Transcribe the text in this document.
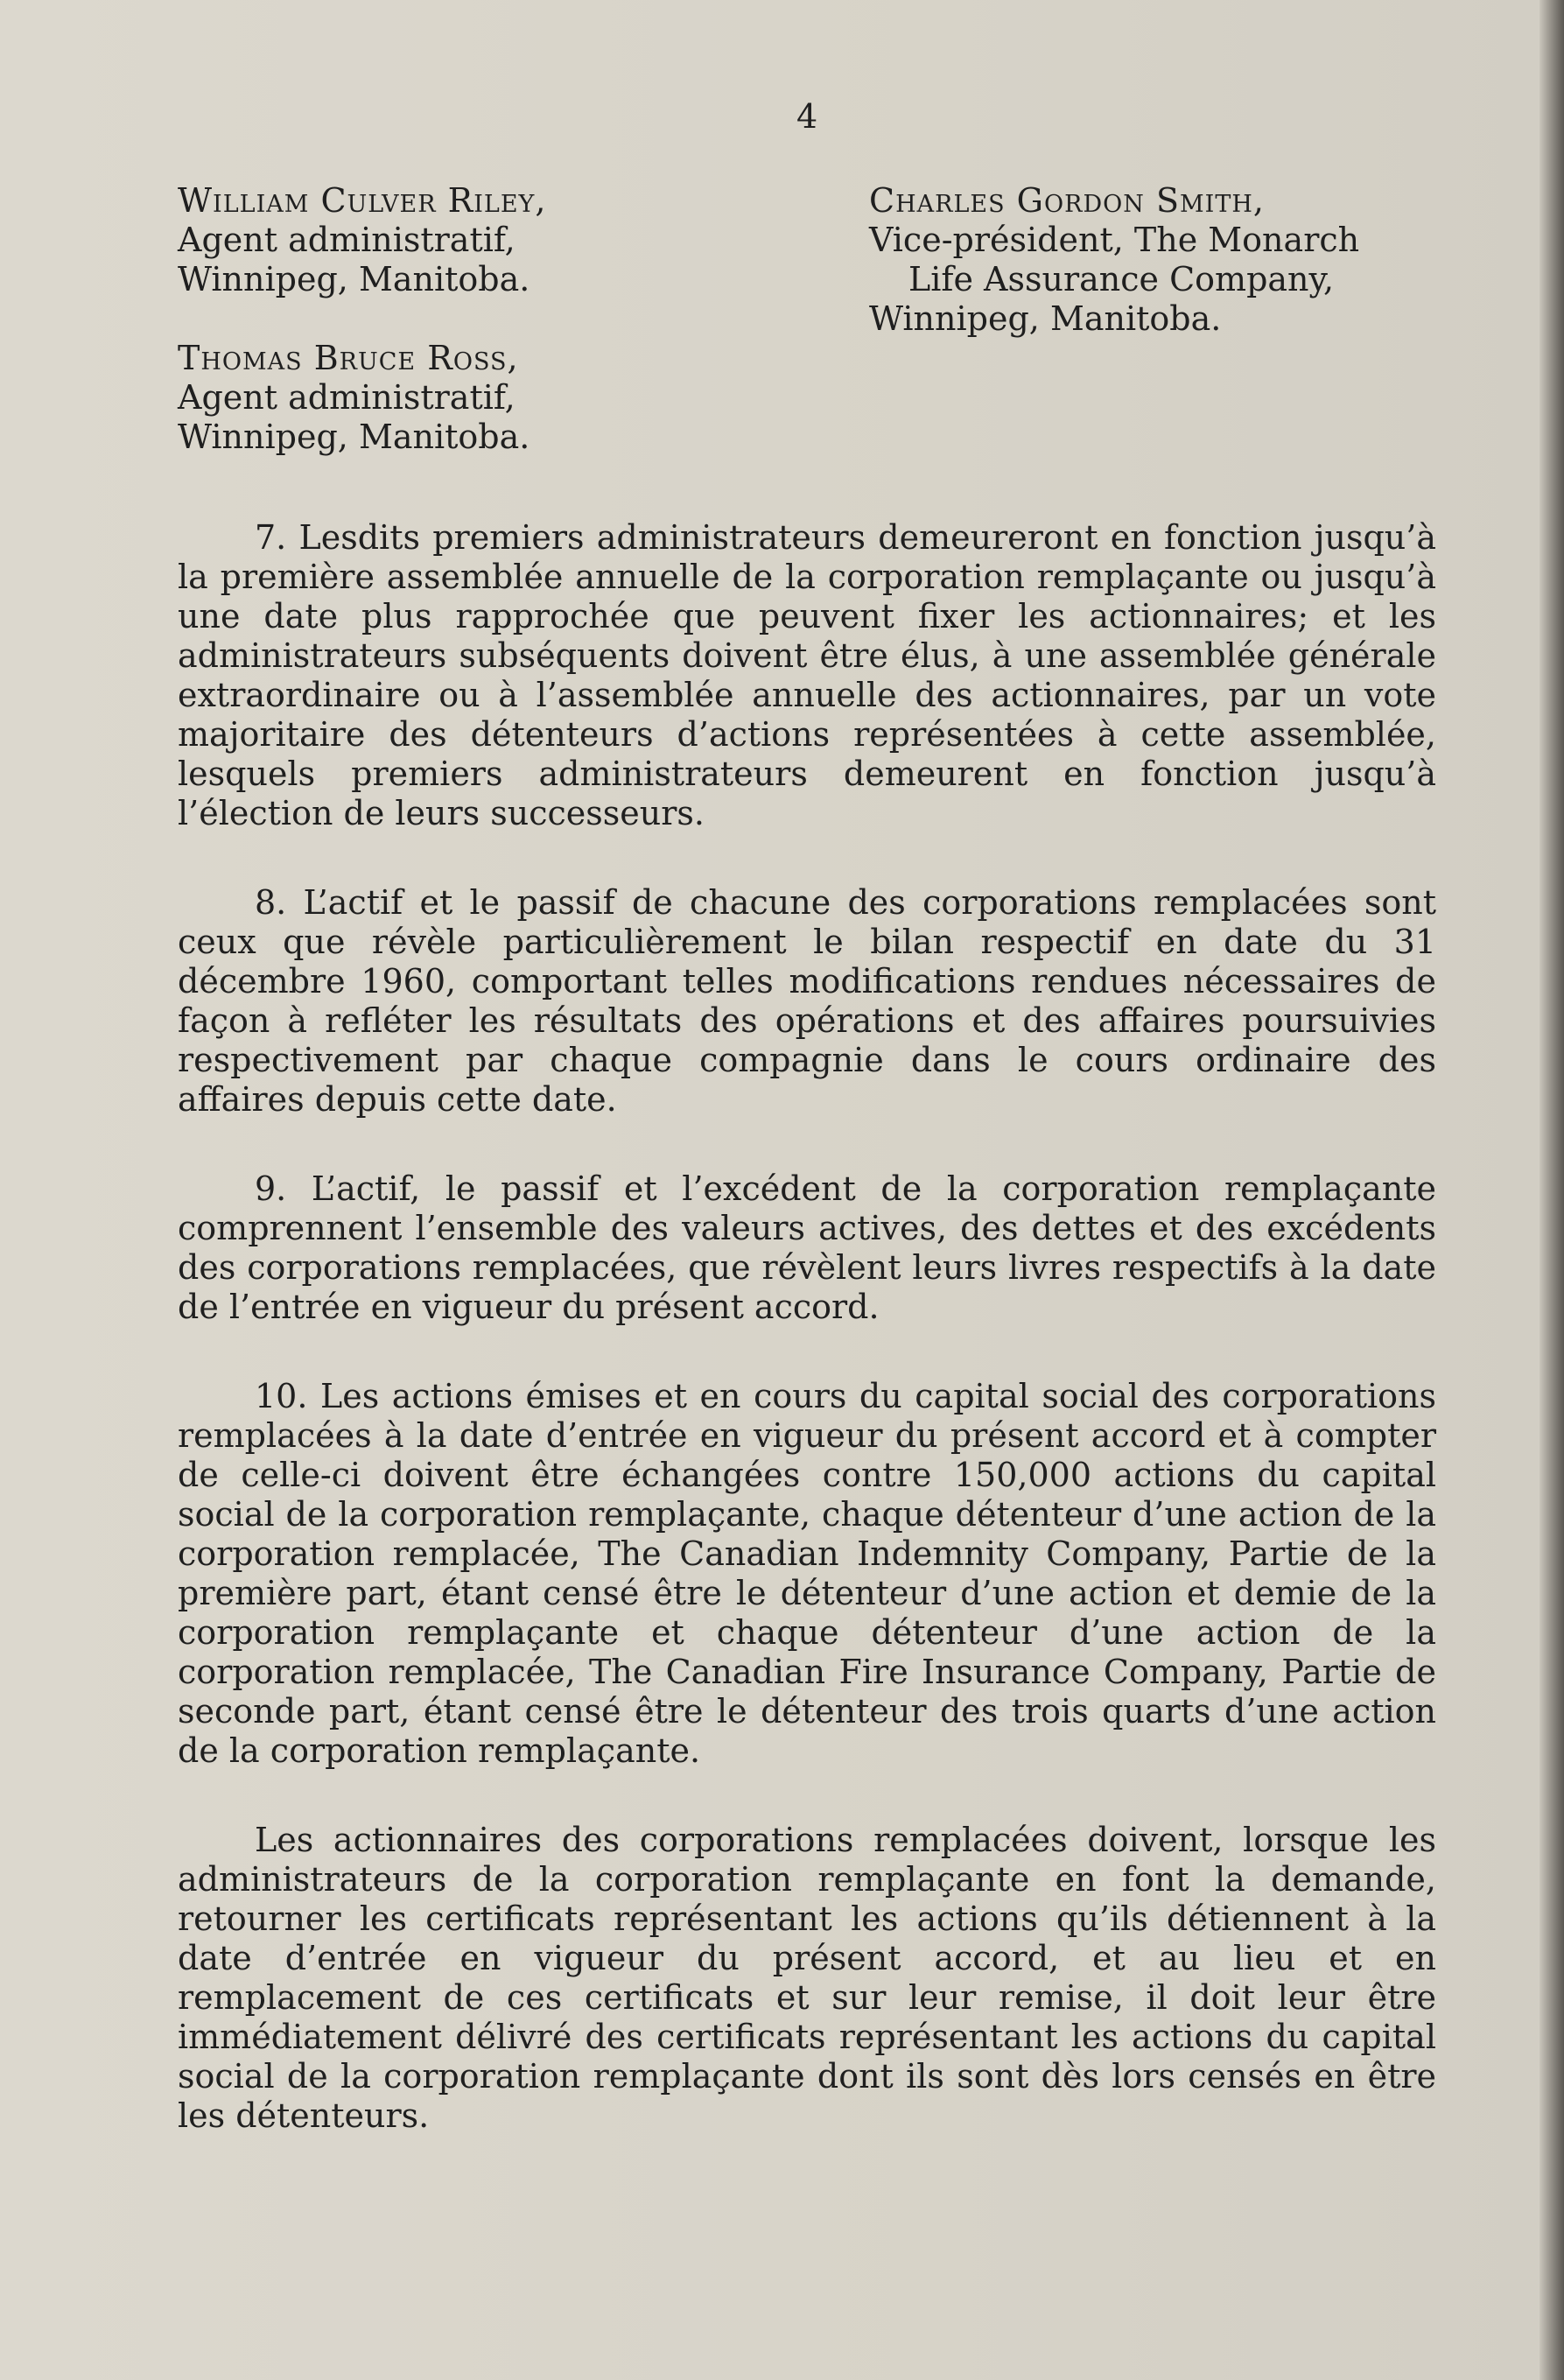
4
William Culver Riley,
Agent administratif,
Winnipeg, Manitoba.
Thomas Bruce Ross,
Agent administratif,
Winnipeg, Manitoba.
Charles Gordon Smith,
Vice-président, The Monarch
Life Assurance Company,
Winnipeg, Manitoba.

7. Lesdits premiers administrateurs demeureront en fonction jusqu’à la première assemblée annuelle de la corporation remplaçante ou jusqu’à une date plus rapprochée que peuvent fixer les actionnaires; et les administrateurs subséquents doivent être élus, à une assemblée générale extraordinaire ou à l’assemblée annuelle des actionnaires, par un vote majoritaire des détenteurs d’actions représentées à cette assemblée, lesquels premiers administrateurs demeurent en fonction jusqu’à l’élection de leurs successeurs.

8. L’actif et le passif de chacune des corporations remplacées sont ceux que révèle particulièrement le bilan respectif en date du 31 décembre 1960, comportant telles modifications rendues nécessaires de façon à refléter les résultats des opérations et des affaires poursuivies respectivement par chaque compagnie dans le cours ordinaire des affaires depuis cette date.

9. L’actif, le passif et l’excédent de la corporation remplaçante comprennent l’ensemble des valeurs actives, des dettes et des excédents des corporations remplacées, que révèlent leurs livres respectifs à la date de l’entrée en vigueur du présent accord.

10. Les actions émises et en cours du capital social des corporations remplacées à la date d’entrée en vigueur du présent accord et à compter de celle-ci doivent être échangées contre 150,000 actions du capital social de la corporation remplaçante, chaque détenteur d’une action de la corporation remplacée, The Canadian Indemnity Company, Partie de la première part, étant censé être le détenteur d’une action et demie de la corporation remplaçante et chaque détenteur d’une action de la corporation remplacée, The Canadian Fire Insurance Company, Partie de seconde part, étant censé être le détenteur des trois quarts d’une action de la corporation remplaçante.

Les actionnaires des corporations remplacées doivent, lorsque les administrateurs de la corporation remplaçante en font la demande, retourner les certificats représentant les actions qu’ils détiennent à la date d’entrée en vigueur du présent accord, et au lieu et en remplacement de ces certificats et sur leur remise, il doit leur être immédiatement délivré des certificats représentant les actions du capital social de la corporation remplaçante dont ils sont dès lors censés en être les détenteurs.
